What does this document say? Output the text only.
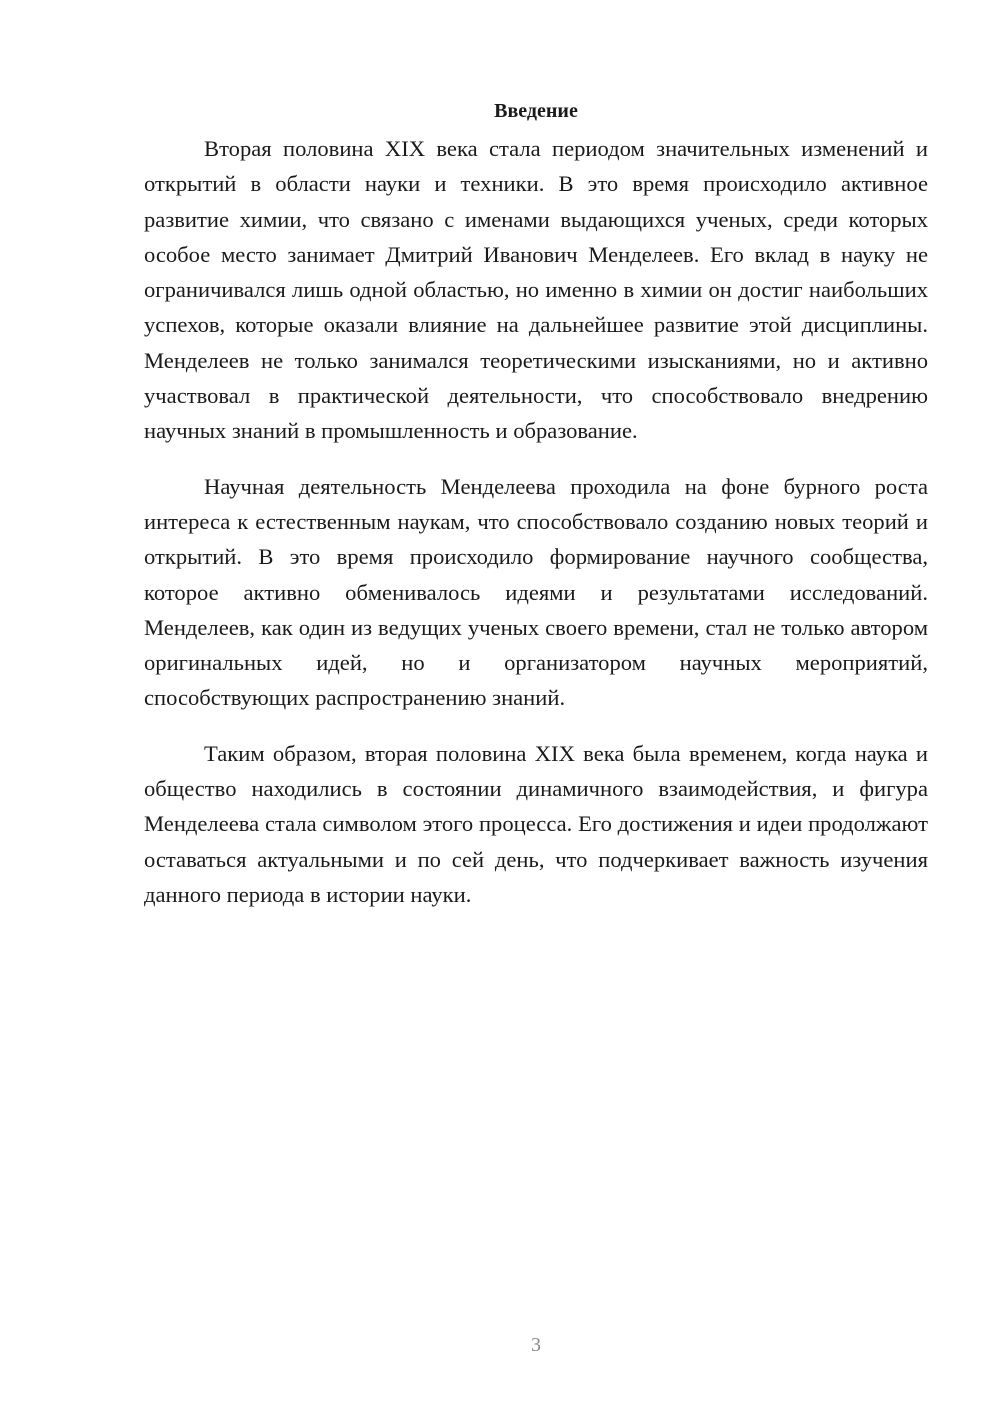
Введение

Вторая половина XIX века стала периодом значительных изменений и открытий в области науки и техники. В это время происходило активное развитие химии, что связано с именами выдающихся ученых, среди которых особое место занимает Дмитрий Иванович Менделеев. Его вклад в науку не ограничивался лишь одной областью, но именно в химии он достиг наибольших успехов, которые оказали влияние на дальнейшее развитие этой дисциплины. Менделеев не только занимался теоретическими изысканиями, но и активно участвовал в практической деятельности, что способствовало внедрению научных знаний в промышленность и образование.

Научная деятельность Менделеева проходила на фоне бурного роста интереса к естественным наукам, что способствовало созданию новых теорий и открытий. В это время происходило формирование научного сообщества, которое активно обменивалось идеями и результатами исследований. Менделеев, как один из ведущих ученых своего времени, стал не только автором оригинальных идей, но и организатором научных мероприятий, способствующих распространению знаний.

Таким образом, вторая половина XIX века была временем, когда наука и общество находились в состоянии динамичного взаимодействия, и фигура Менделеева стала символом этого процесса. Его достижения и идеи продолжают оставаться актуальными и по сей день, что подчеркивает важность изучения данного периода в истории науки.

3
